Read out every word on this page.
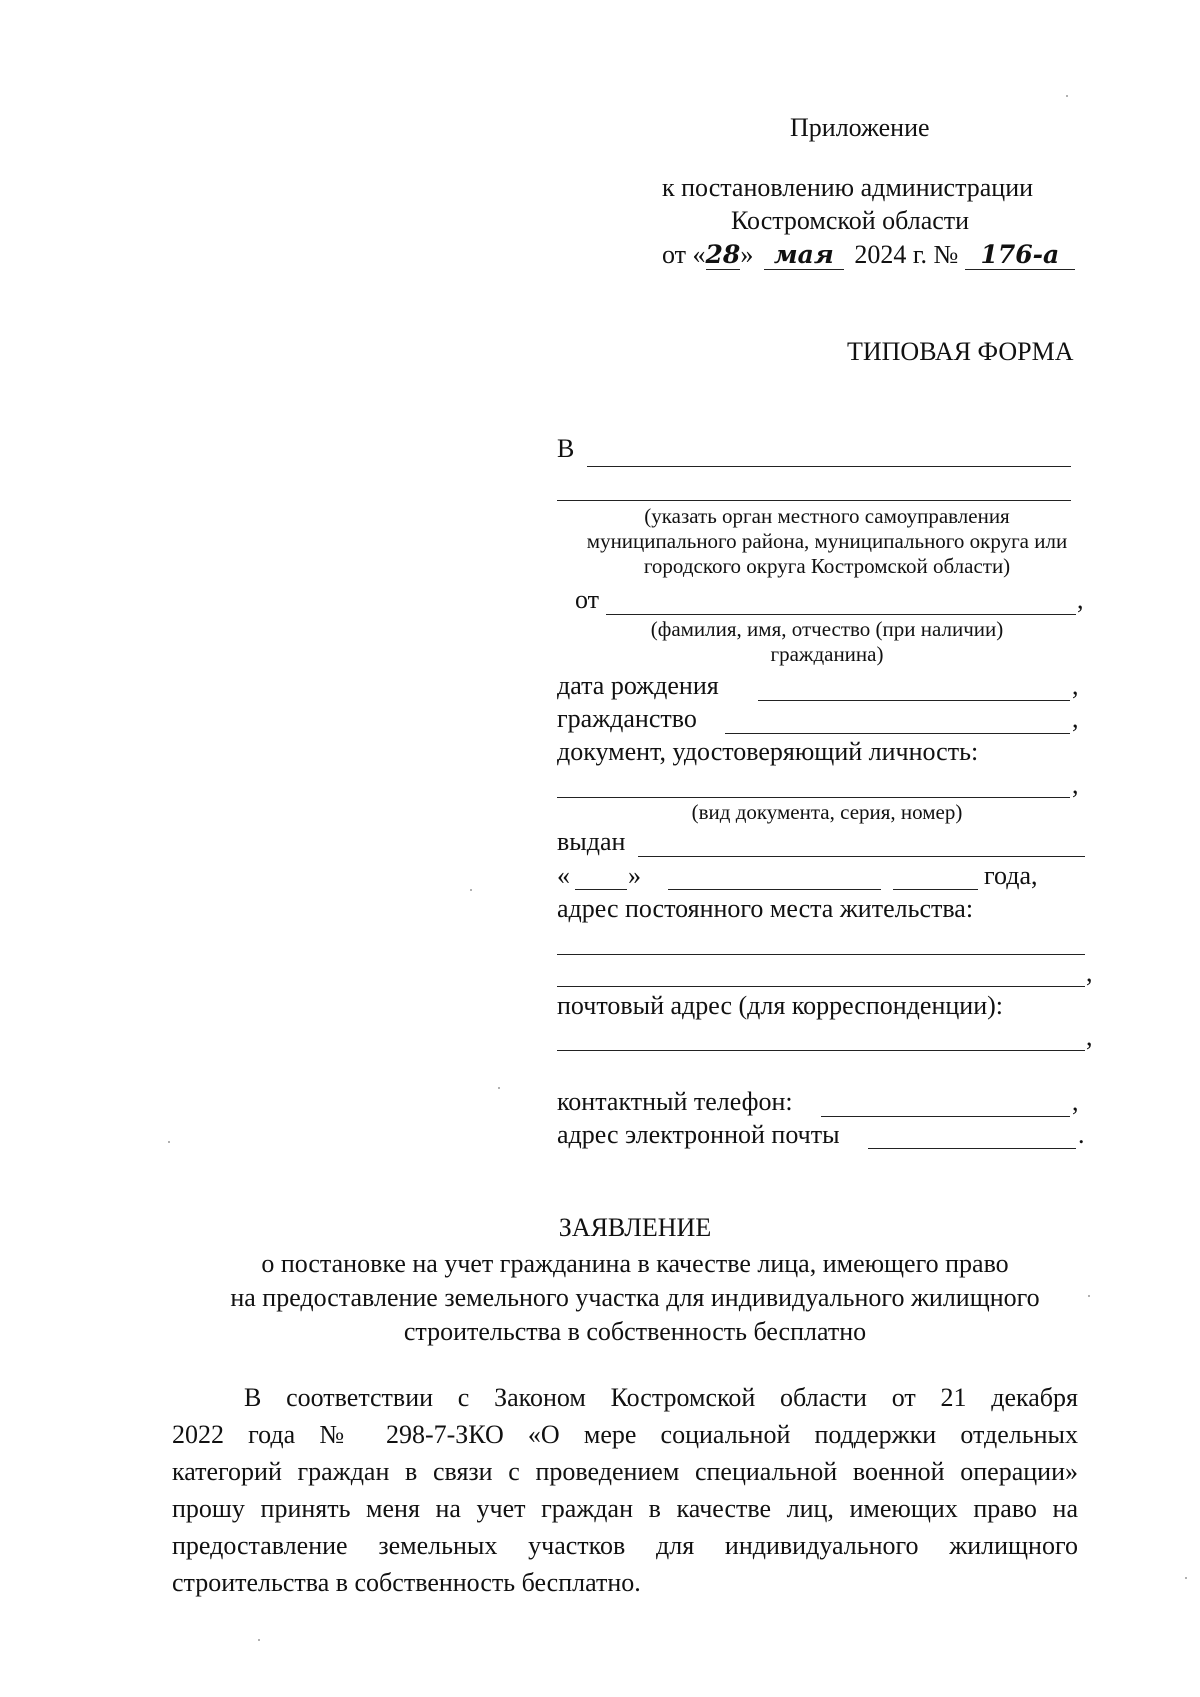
Приложение
к постановлению администрации
Костромской области
от «28» мая 2024 г. № 176-а
ТИПОВАЯ ФОРМА
В
(указать орган местного самоуправления
муниципального района, муниципального округа или
городского округа Костромской области)
от	,
(фамилия, имя, отчество (при наличии)
гражданина)
дата рождения	,
гражданство	,
документ, удостоверяющий личность:
,
(вид документа, серия, номер)
выдан
« »	года,
адрес постоянного места жительства:
,
почтовый адрес (для корреспонденции):
,
контактный телефон:	,
адрес электронной почты	.
ЗАЯВЛЕНИЕ
о постановке на учет гражданина в качестве лица, имеющего право
на предоставление земельного участка для индивидуального жилищного
строительства в собственность бесплатно
В соответствии с Законом Костромской области от 21 декабря
2022 года № 298-7-ЗКО «О мере социальной поддержки отдельных
категорий граждан в связи с проведением специальной военной операции»
прошу принять меня на учет граждан в качестве лиц, имеющих право на
предоставление земельных участков для индивидуального жилищного
строительства в собственность бесплатно.
